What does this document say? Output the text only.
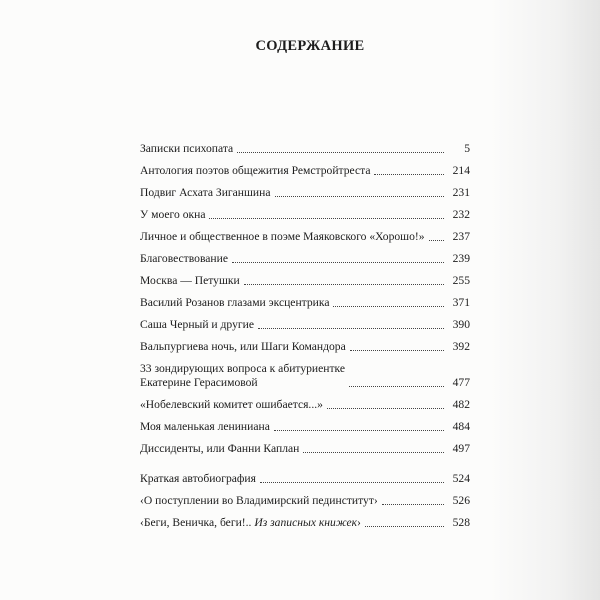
СОДЕРЖАНИЕ
Записки психопата	5
Антология поэтов общежития Ремстройтреста	214
Подвиг Асхата Зиганшина	231
У моего окна	232
Личное и общественное в поэме Маяковского «Хорошо!»	237
Благовествование	239
Москва — Петушки	255
Василий Розанов глазами эксцентрика	371
Саша Черный и другие	390
Вальпургиева ночь, или Шаги Командора	392
33 зондирующих вопроса к абитуриентке
Екатерине Герасимовой	477
«Нобелевский комитет ошибается...»	482
Моя маленькая лениниана	484
Диссиденты, или Фанни Каплан	497
Краткая автобиография	524
‹О поступлении во Владимирский пединститут›	526
‹Беги, Веничка, беги!.. Из записных книжек›	528
